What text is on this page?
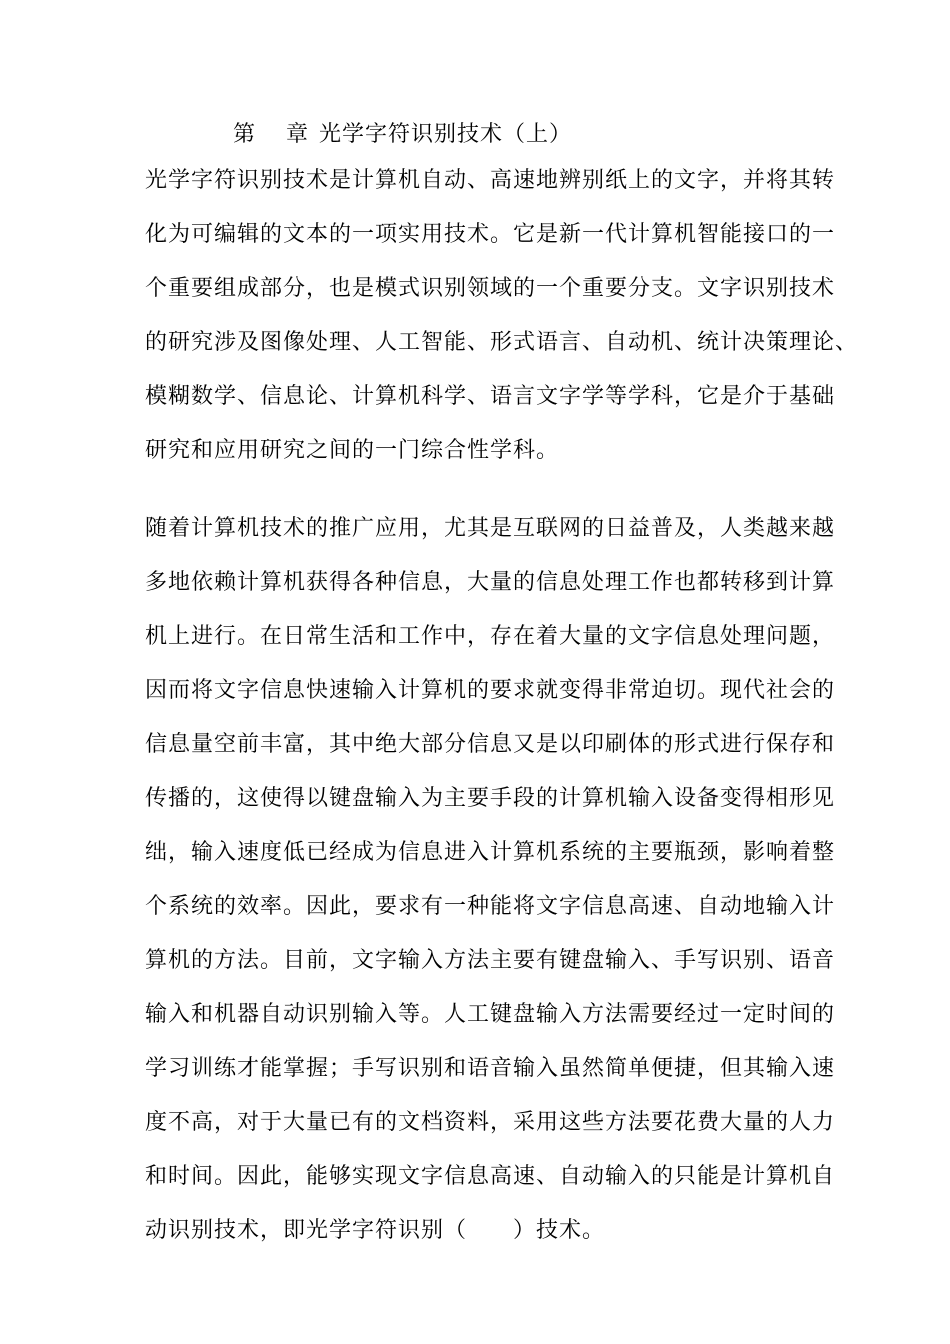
第 章 光学字符识别技术（上）
光学字符识别技术是计算机自动、高速地辨别纸上的文字，并将其转
化为可编辑的文本的一项实用技术。它是新一代计算机智能接口的一
个重要组成部分，也是模式识别领域的一个重要分支。文字识别技术
的研究涉及图像处理、人工智能、形式语言、自动机、统计决策理论、
模糊数学、信息论、计算机科学、语言文字学等学科，它是介于基础
研究和应用研究之间的一门综合性学科。
随着计算机技术的推广应用，尤其是互联网的日益普及，人类越来越
多地依赖计算机获得各种信息，大量的信息处理工作也都转移到计算
机上进行。在日常生活和工作中，存在着大量的文字信息处理问题，
因而将文字信息快速输入计算机的要求就变得非常迫切。现代社会的
信息量空前丰富，其中绝大部分信息又是以印刷体的形式进行保存和
传播的，这使得以键盘输入为主要手段的计算机输入设备变得相形见
绌，输入速度低已经成为信息进入计算机系统的主要瓶颈，影响着整
个系统的效率。因此，要求有一种能将文字信息高速、自动地输入计
算机的方法。目前，文字输入方法主要有键盘输入、手写识别、语音
输入和机器自动识别输入等。人工键盘输入方法需要经过一定时间的
学习训练才能掌握；手写识别和语音输入虽然简单便捷，但其输入速
度不高，对于大量已有的文档资料，采用这些方法要花费大量的人力
和时间。因此，能够实现文字信息高速、自动输入的只能是计算机自
动识别技术，即光学字符识别（　　）技术。
